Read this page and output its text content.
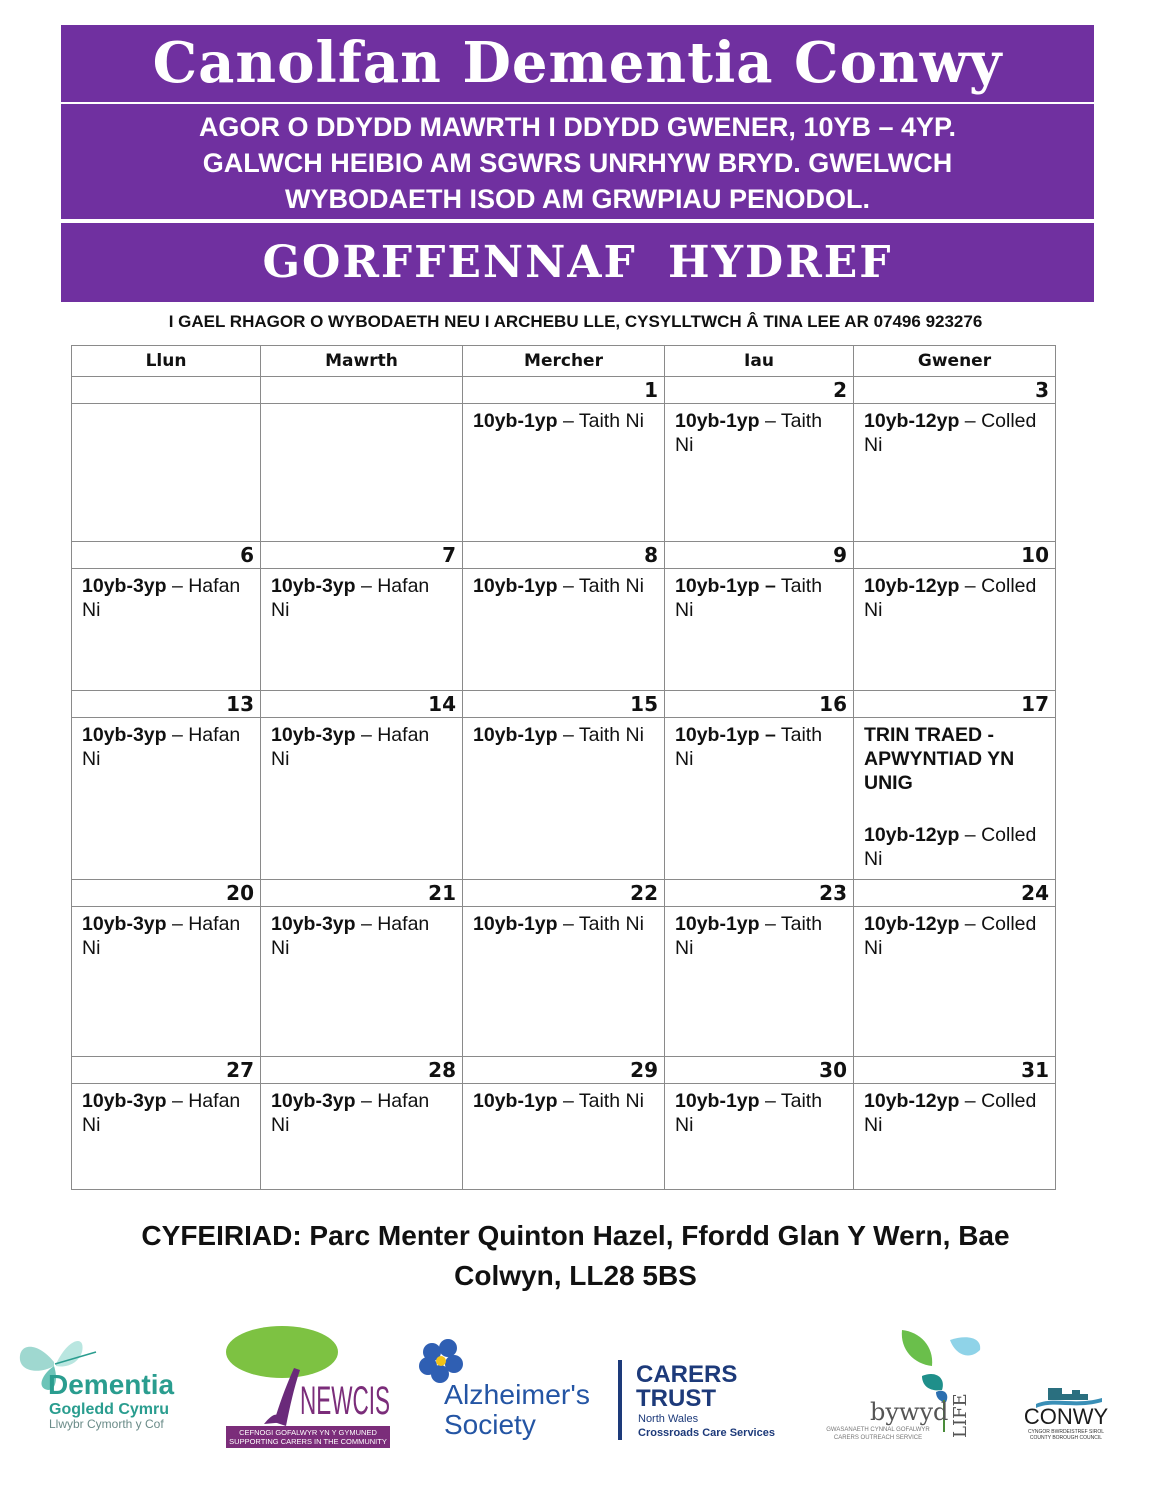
Canolfan Dementia Conwy
AGOR O DDYDD MAWRTH I DDYDD GWENER, 10YB – 4YP.
GALWCH HEIBIO AM SGWRS UNRHYW BRYD. GWELWCH
WYBODAETH ISOD AM GRWPIAU PENODOL.
GORFFENNAF HYDREF
I GAEL RHAGOR O WYBODAETH NEU I ARCHEBU LLE, CYSYLLTWCH Â TINA LEE AR 07496 923276
Llun	Mawrth	Mercher	Iau	Gwener
		1	2	3
		10yb-1yp – Taith Ni	10yb-1yp – Taith Ni	10yb-12yp – Colled Ni
6	7	8	9	10
10yb-3yp – Hafan Ni	10yb-3yp – Hafan Ni	10yb-1yp – Taith Ni	10yb-1yp – Taith Ni	10yb-12yp – Colled Ni
13	14	15	16	17
10yb-3yp – Hafan Ni	10yb-3yp – Hafan Ni	10yb-1yp – Taith Ni	10yb-1yp – Taith Ni	TRIN TRAED - APWYNTIAD YN UNIG
10yb-12yp – Colled Ni
20	21	22	23	24
10yb-3yp – Hafan Ni	10yb-3yp – Hafan Ni	10yb-1yp – Taith Ni	10yb-1yp – Taith Ni	10yb-12yp – Colled Ni
27	28	29	30	31
10yb-3yp – Hafan Ni	10yb-3yp – Hafan Ni	10yb-1yp – Taith Ni	10yb-1yp – Taith Ni	10yb-12yp – Colled Ni
CYFEIRIAD: Parc Menter Quinton Hazel, Ffordd Glan Y Wern, Bae
Colwyn, LL28 5BS
Dementia
Gogledd Cymru
Llwybr Cymorth y Cof
NEWCIS
CEFNOGI GOFALWYR YN Y GYMUNED
SUPPORTING CARERS IN THE COMMUNITY
Alzheimer's
Society
CARERS
TRUST
North Wales
Crossroads Care Services
bywyd LIFE
GWASANAETH CYNNAL GOFALWYR
CARERS OUTREACH SERVICE
CONWY
CYNGOR BWRDEISTREF SIROL
COUNTY BOROUGH COUNCIL
